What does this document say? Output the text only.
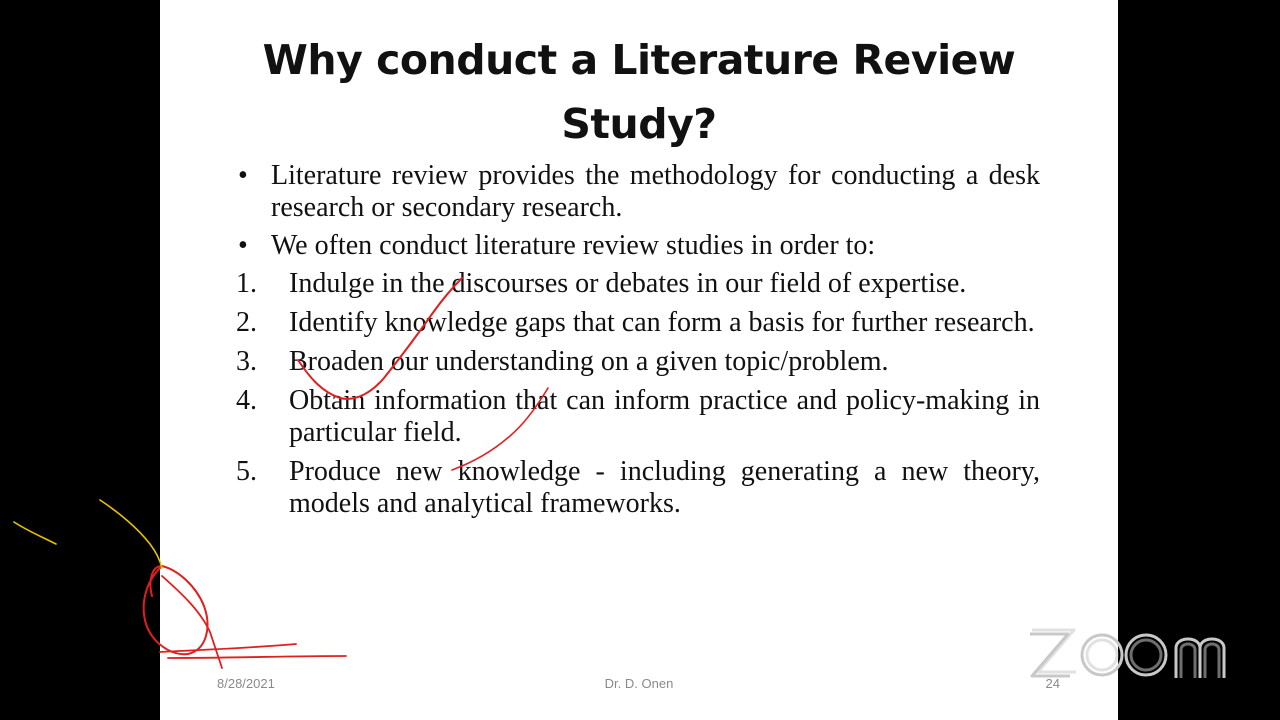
Why conduct a Literature Review
Study?
• Literature review provides the methodology for conducting a desk research or secondary research.
• We often conduct literature review studies in order to:
1.	Indulge in the discourses or debates in our field of expertise.
2.	Identify knowledge gaps that can form a basis for further research.
3.	Broaden our understanding on a given topic/problem.
4.	Obtain information that can inform practice and policy-making in particular field.
5.	Produce new knowledge - including generating a new theory, models and analytical frameworks.
8/28/2021	Dr. D. Onen	24
